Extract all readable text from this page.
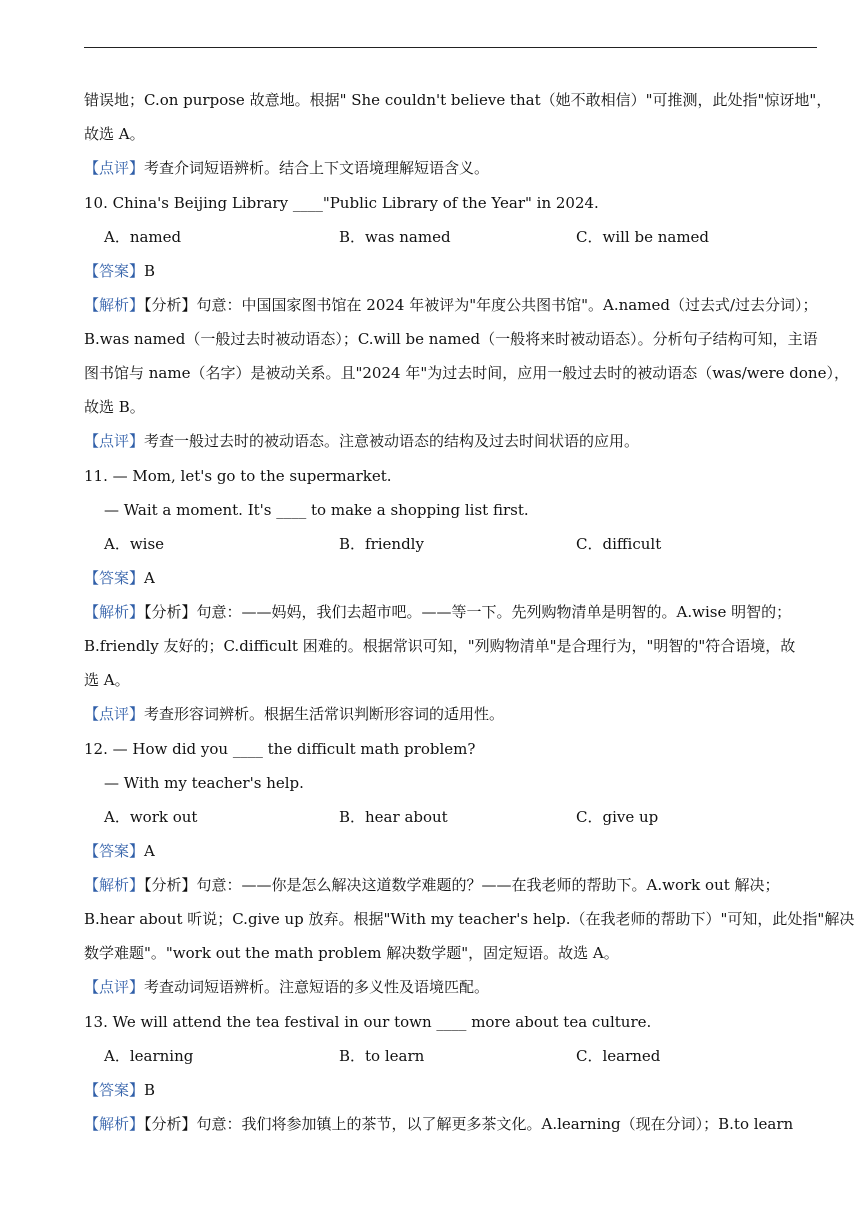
错误地；C.on purpose 故意地。根据" She couldn't believe that（她不敢相信）"可推测，此处指"惊讶地"，
故选 A。
【点评】考查介词短语辨析。结合上下文语境理解短语含义。
10. China's Beijing Library ____"Public Library of the Year" in 2024.
A．named	B．was named	C．will be named
【答案】B
【解析】【分析】句意：中国国家图书馆在 2024 年被评为"年度公共图书馆"。A.named（过去式/过去分词）；
B.was named（一般过去时被动语态）；C.will be named（一般将来时被动语态）。分析句子结构可知，主语
图书馆与 name（名字）是被动关系。且"2024 年"为过去时间，应用一般过去时的被动语态（was/were done），
故选 B。
【点评】考查一般过去时的被动语态。注意被动语态的结构及过去时间状语的应用。
11. — Mom, let's go to the supermarket.
— Wait a moment. It's ____ to make a shopping list first.
A．wise	B．friendly	C．difficult
【答案】A
【解析】【分析】句意：——妈妈，我们去超市吧。——等一下。先列购物清单是明智的。A.wise 明智的；
B.friendly 友好的；C.difficult 困难的。根据常识可知，"列购物清单"是合理行为，"明智的"符合语境，故
选 A。
【点评】考查形容词辨析。根据生活常识判断形容词的适用性。
12. — How did you ____ the difficult math problem?
— With my teacher's help.
A．work out	B．hear about	C．give up
【答案】A
【解析】【分析】句意：——你是怎么解决这道数学难题的？——在我老师的帮助下。A.work out 解决；
B.hear about 听说；C.give up 放弃。根据"With my teacher's help.（在我老师的帮助下）"可知，此处指"解决
数学难题"。"work out the math problem 解决数学题"，固定短语。故选 A。
【点评】考查动词短语辨析。注意短语的多义性及语境匹配。
13. We will attend the tea festival in our town ____ more about tea culture.
A．learning	B．to learn	C．learned
【答案】B
【解析】【分析】句意：我们将参加镇上的茶节，以了解更多茶文化。A.learning（现在分词）；B.to learn
